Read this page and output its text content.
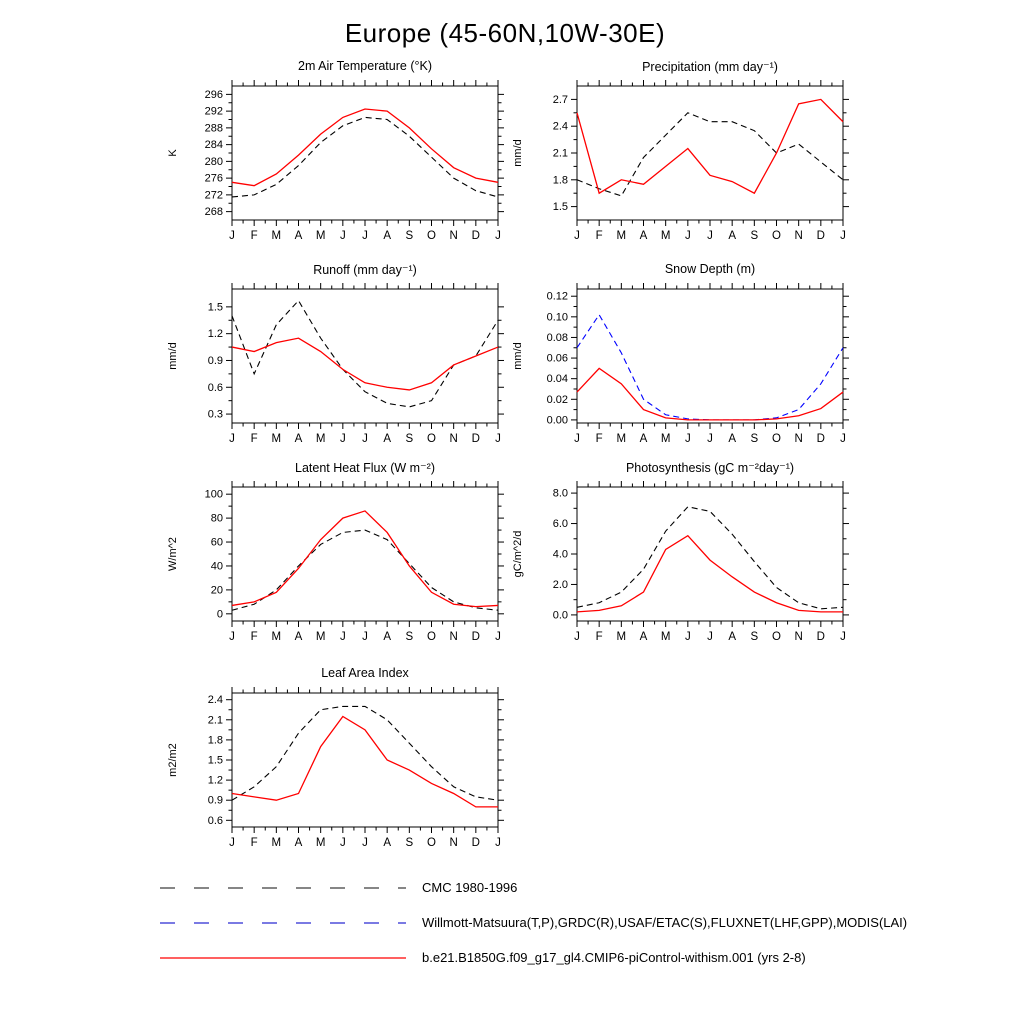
Europe (45-60N,10W-30E)
2m Air Temperature (°K)
268
272
276
280
284
288
292
296
J F M A M J J A S O N D J
K
Precipitation (mm day⁻¹)
1.5
1.8
2.1
2.4
2.7
J F M A M J J A S O N D J
mm/d
Runoff (mm day⁻¹)
0.3
0.6
0.9
1.2
1.5
J F M A M J J A S O N D J
mm/d
Snow Depth (m)
0.00
0.02
0.04
0.06
0.08
0.10
0.12
J F M A M J J A S O N D J
mm/d
Latent Heat Flux (W m⁻²)
0
20
40
60
80
100
J F M A M J J A S O N D J
W/m^2
Photosynthesis (gC m⁻²day⁻¹)
0.0
2.0
4.0
6.0
8.0
J F M A M J J A S O N D J
gC/m^2/d
Leaf Area Index
0.6
0.9
1.2
1.5
1.8
2.1
2.4
J F M A M J J A S O N D J
m2/m2
CMC 1980-1996
Willmott-Matsuura(T,P),GRDC(R),USAF/ETAC(S),FLUXNET(LHF,GPP),MODIS(LAI)
b.e21.B1850G.f09_g17_gl4.CMIP6-piControl-withism.001 (yrs 2-8)
